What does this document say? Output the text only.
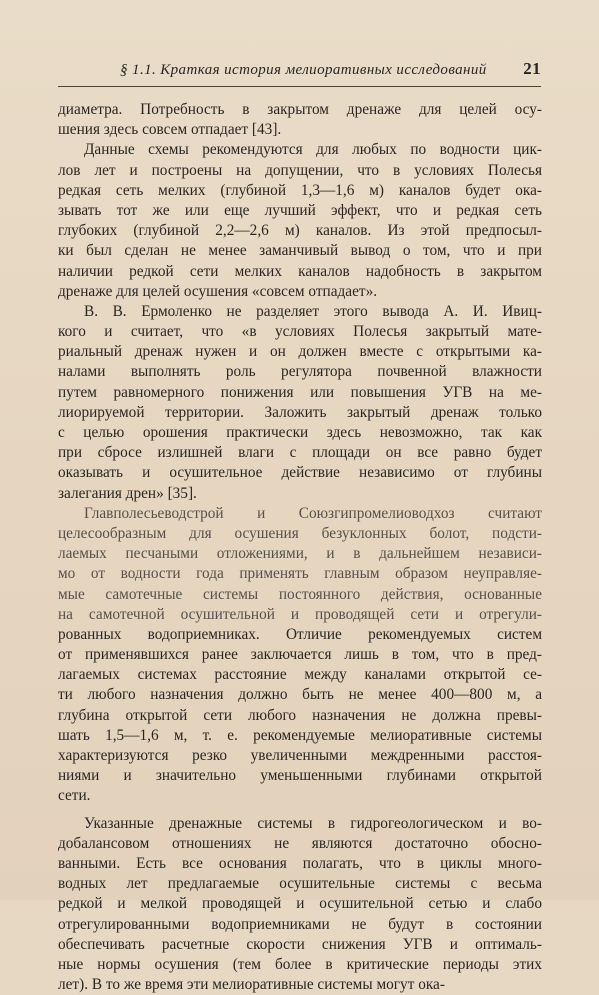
§ 1.1. Краткая история мелиоративных исследований 21
диаметра. Потребность в закрытом дренаже для целей осу-
шения здесь совсем отпадает [43].
Данные схемы рекомендуются для любых по водности цик-
лов лет и построены на допущении, что в условиях Полесья
редкая сеть мелких (глубиной 1,3—1,6 м) каналов будет ока-
зывать тот же или еще лучший эффект, что и редкая сеть
глубоких (глубиной 2,2—2,6 м) каналов. Из этой предпосыл-
ки был сделан не менее заманчивый вывод о том, что и при
наличии редкой сети мелких каналов надобность в закрытом
дренаже для целей осушения «совсем отпадает».
В. В. Ермоленко не разделяет этого вывода А. И. Ивиц-
кого и считает, что «в условиях Полесья закрытый мате-
риальный дренаж нужен и он должен вместе с открытыми ка-
налами выполнять роль регулятора почвенной влажности
путем равномерного понижения или повышения УГВ на ме-
лиорируемой территории. Заложить закрытый дренаж только
с целью орошения практически здесь невозможно, так как
при сбросе излишней влаги с площади он все равно будет
оказывать и осушительное действие независимо от глубины
залегания дрен» [35].
Главполесьеводстрой и Союзгипромелиоводхоз считают
целесообразным для осушения безуклонных болот, подсти-
лаемых песчаными отложениями, и в дальнейшем независи-
мо от водности года применять главным образом неуправляе-
мые самотечные системы постоянного действия, основанные
на самотечной осушительной и проводящей сети и отрегули-
рованных водоприемниках. Отличие рекомендуемых систем
от применявшихся ранее заключается лишь в том, что в пред-
лагаемых системах расстояние между каналами открытой се-
ти любого назначения должно быть не менее 400—800 м, а
глубина открытой сети любого назначения не должна превы-
шать 1,5—1,6 м, т. е. рекомендуемые мелиоративные системы
характеризуются резко увеличенными междренными расстоя-
ниями и значительно уменьшенными глубинами открытой
сети.
Указанные дренажные системы в гидрогеологическом и во-
добалансовом отношениях не являются достаточно обосно-
ванными. Есть все основания полагать, что в циклы много-
водных лет предлагаемые осушительные системы с весьма
редкой и мелкой проводящей и осушительной сетью и слабо
отрегулированными водоприемниками не будут в состоянии
обеспечивать расчетные скорости снижения УГВ и оптималь-
ные нормы осушения (тем более в критические периоды этих
лет). В то же время эти мелиоративные системы могут ока-
